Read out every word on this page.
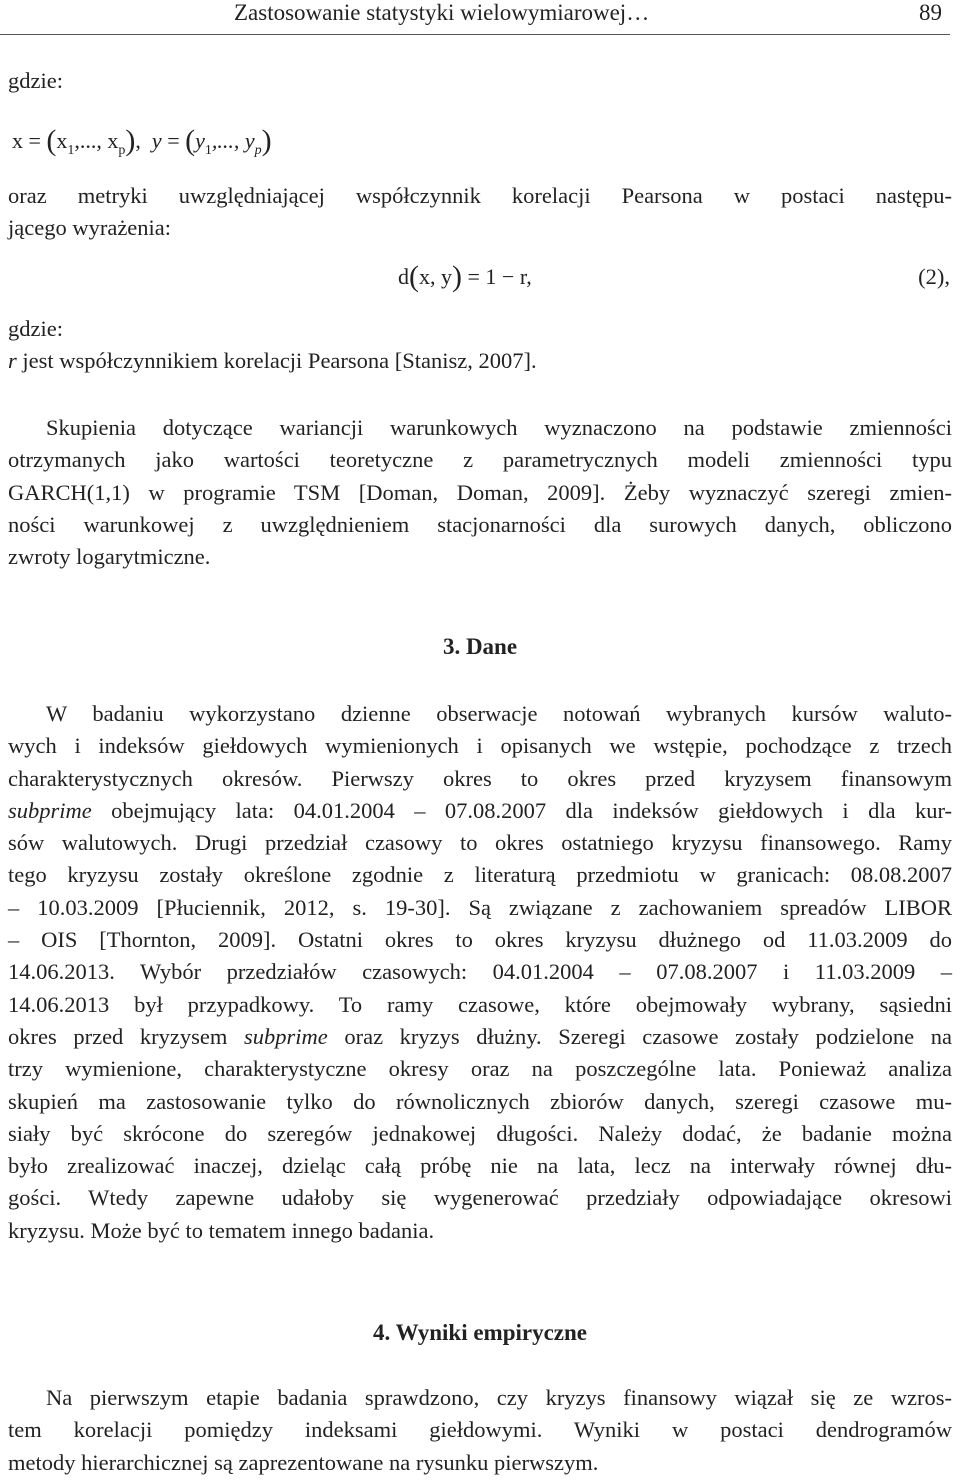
Zastosowanie statystyki wielowymiarowej…	89
gdzie:
$x = (x_1$,..., $x_p$), $y = (y_1$,..., $y_p$)

oraz metryki uwzględniającej współczynnik korelacji Pearsona w postaci następu-

jącego wyrażenia:

d(x, y) = 1 − r,	(2),
gdzie:
r jest współczynnikiem korelacji Pearsona [Stanisz, 2007].

Skupienia dotyczące wariancji warunkowych wyznaczono na podstawie zmienności

otrzymanych jako wartości teoretyczne z parametrycznych modeli zmienności typu

GARCH(1,1) w programie TSM [Doman, Doman, 2009]. Żeby wyznaczyć szeregi zmien-

ności warunkowej z uwzględnieniem stacjonarności dla surowych danych, obliczono

zwroty logarytmiczne.

3. Dane

W badaniu wykorzystano dzienne obserwacje notowań wybranych kursów waluto-

wych i indeksów giełdowych wymienionych i opisanych we wstępie, pochodzące z trzech

charakterystycznych okresów. Pierwszy okres to okres przed kryzysem finansowym

subprime obejmujący lata: 04.01.2004 – 07.08.2007 dla indeksów giełdowych i dla kur-

sów walutowych. Drugi przedział czasowy to okres ostatniego kryzysu finansowego. Ramy

tego kryzysu zostały określone zgodnie z literaturą przedmiotu w granicach: 08.08.2007

– 10.03.2009 [Płuciennik, 2012, s. 19-30]. Są związane z zachowaniem spreadów LIBOR

– OIS [Thornton, 2009]. Ostatni okres to okres kryzysu dłużnego od 11.03.2009 do

14.06.2013. Wybór przedziałów czasowych: 04.01.2004 – 07.08.2007 i 11.03.2009 –

14.06.2013 był przypadkowy. To ramy czasowe, które obejmowały wybrany, sąsiedni

okres przed kryzysem subprime oraz kryzys dłużny. Szeregi czasowe zostały podzielone na

trzy wymienione, charakterystyczne okresy oraz na poszczególne lata. Ponieważ analiza

skupień ma zastosowanie tylko do równolicznych zbiorów danych, szeregi czasowe mu-

siały być skrócone do szeregów jednakowej długości. Należy dodać, że badanie można

było zrealizować inaczej, dzieląc całą próbę nie na lata, lecz na interwały równej dłu-

gości. Wtedy zapewne udałoby się wygenerować przedziały odpowiadające okresowi

kryzysu. Może być to tematem innego badania.

4. Wyniki empiryczne

Na pierwszym etapie badania sprawdzono, czy kryzys finansowy wiązał się ze wzros-

tem korelacji pomiędzy indeksami giełdowymi. Wyniki w postaci dendrogramów

metody hierarchicznej są zaprezentowane na rysunku pierwszym.
